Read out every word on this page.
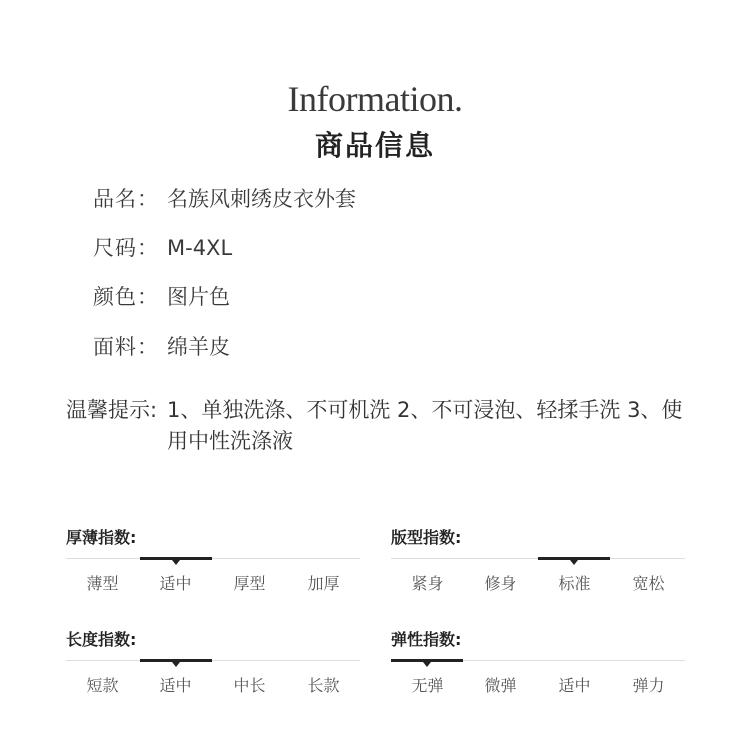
Information.
商品信息
品名： 名族风刺绣皮衣外套
尺码： M-4XL
颜色： 图片色
面料： 绵羊皮
温馨提示: 1、单独洗涤、不可机洗 2、不可浸泡、轻揉手洗 3、使用中性洗涤液
厚薄指数:
薄型	适中	厚型	加厚
版型指数:
紧身	修身	标准	宽松
长度指数:
短款	适中	中长	长款
弹性指数:
无弹	微弹	适中	弹力
